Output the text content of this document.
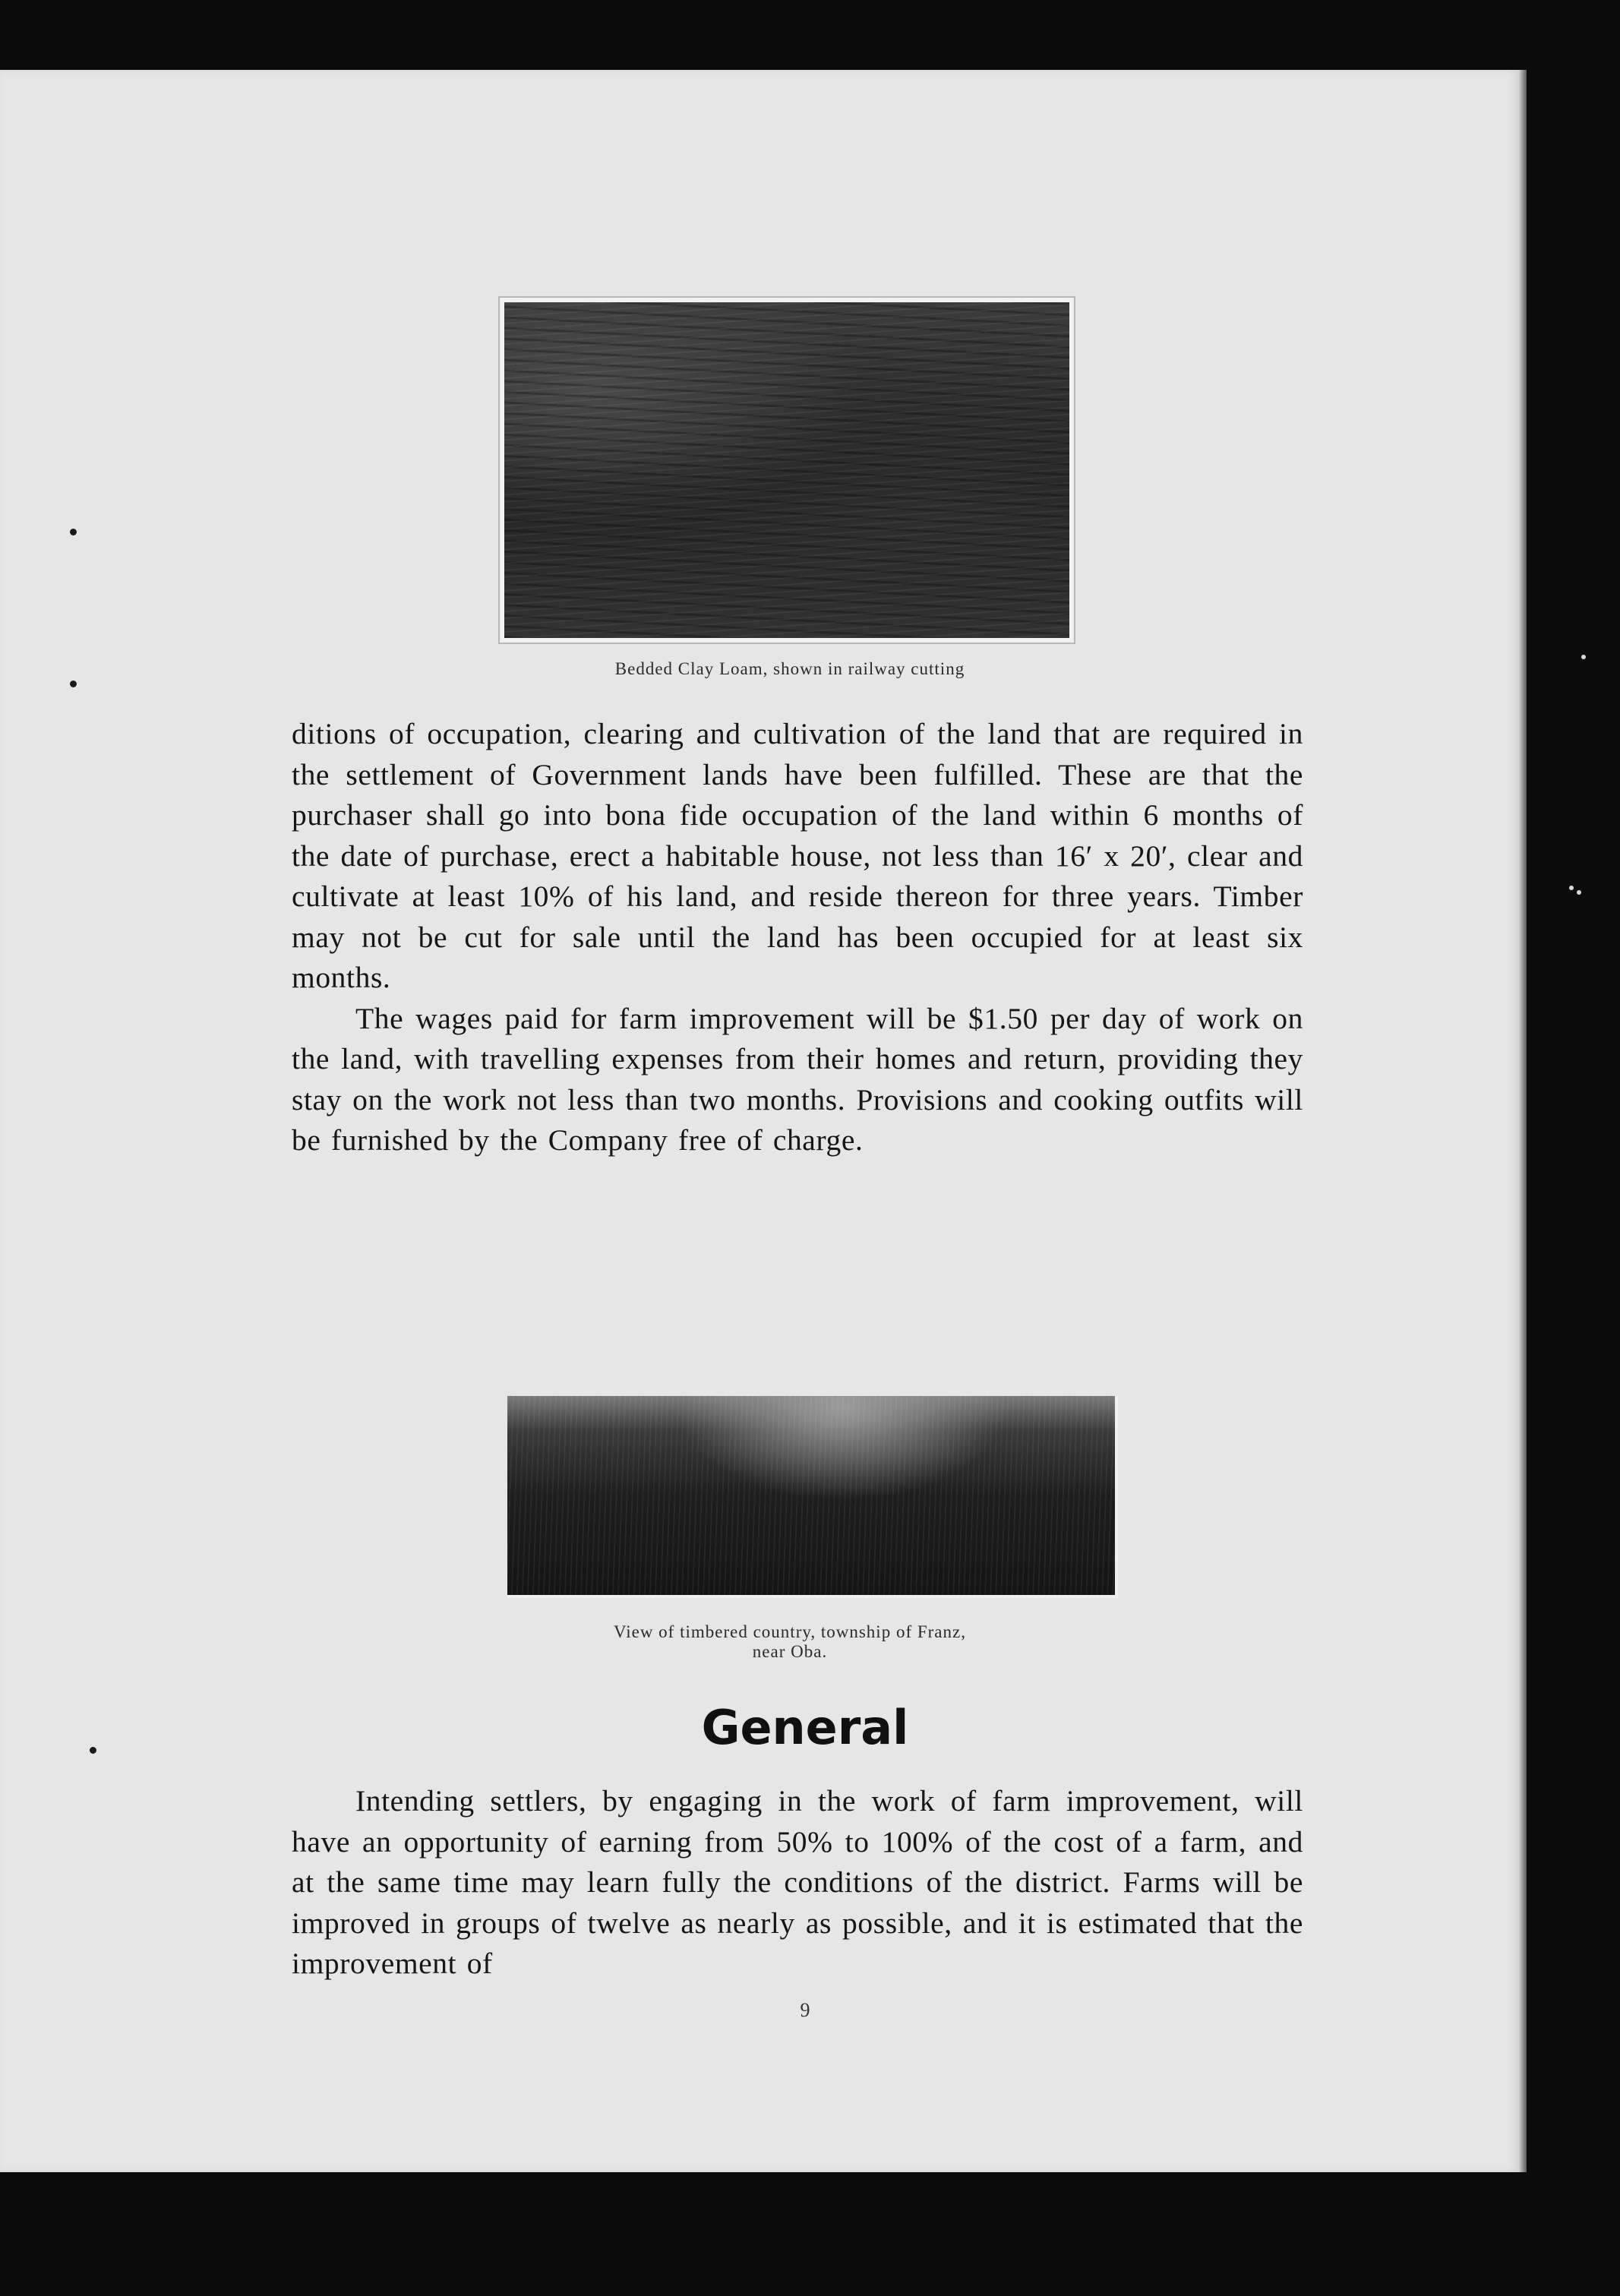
Bedded Clay Loam, shown in railway cutting

ditions of occupation, clearing and cultivation of the land that are required in the settlement of Government lands have been fulfilled. These are that the purchaser shall go into bona fide occupation of the land within 6 months of the date of purchase, erect a habitable house, not less than 16′ x 20′, clear and cultivate at least 10% of his land, and reside thereon for three years. Timber may not be cut for sale until the land has been occupied for at least six months.

The wages paid for farm improvement will be $1.50 per day of work on the land, with travelling expenses from their homes and return, providing they stay on the work not less than two months. Provisions and cooking outfits will be furnished by the Company free of charge.

View of timbered country, township of Franz,
near Oba.
General

Intending settlers, by engaging in the work of farm improvement, will have an opportunity of earning from 50% to 100% of the cost of a farm, and at the same time may learn fully the conditions of the district. Farms will be improved in groups of twelve as nearly as possible, and it is estimated that the improvement of

9
